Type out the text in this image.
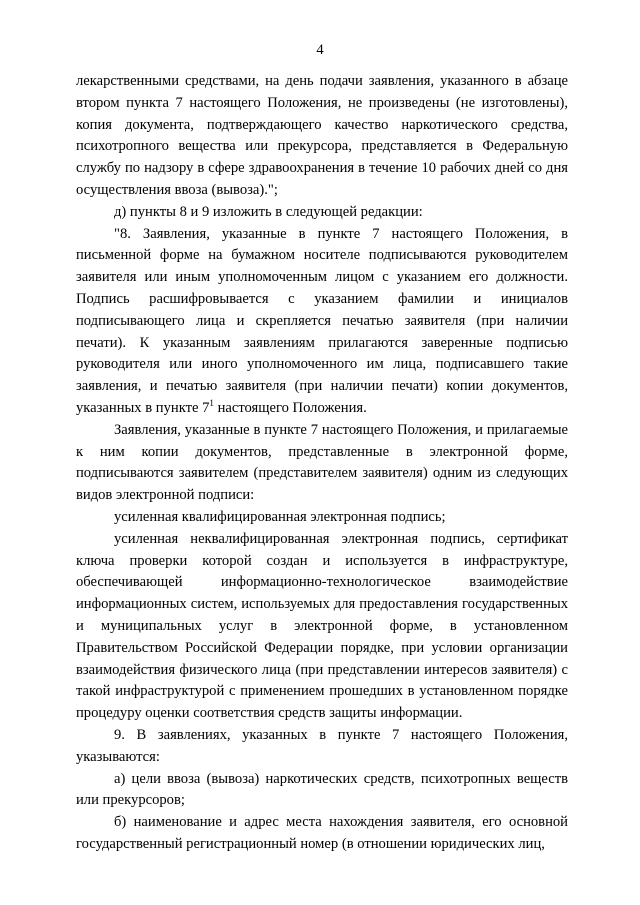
4

лекарственными средствами, на день подачи заявления, указанного в абзаце втором пункта 7 настоящего Положения, не произведены (не изготовлены), копия документа, подтверждающего качество наркотического средства, психотропного вещества или прекурсора, представляется в Федеральную службу по надзору в сфере здравоохранения в течение 10 рабочих дней со дня осуществления ввоза (вывоза).";

д) пункты 8 и 9 изложить в следующей редакции:

"8. Заявления, указанные в пункте 7 настоящего Положения, в письменной форме на бумажном носителе подписываются руководителем заявителя или иным уполномоченным лицом с указанием его должности. Подпись расшифровывается с указанием фамилии и инициалов подписывающего лица и скрепляется печатью заявителя (при наличии печати). К указанным заявлениям прилагаются заверенные подписью руководителя или иного уполномоченного им лица, подписавшего такие заявления, и печатью заявителя (при наличии печати) копии документов, указанных в пункте $7^1$ настоящего Положения.

Заявления, указанные в пункте 7 настоящего Положения, и прилагаемые к ним копии документов, представленные в электронной форме, подписываются заявителем (представителем заявителя) одним из следующих видов электронной подписи:

усиленная квалифицированная электронная подпись;

усиленная неквалифицированная электронная подпись, сертификат ключа проверки которой создан и используется в инфраструктуре, обеспечивающей информационно-технологическое взаимодействие информационных систем, используемых для предоставления государственных и муниципальных услуг в электронной форме, в установленном Правительством Российской Федерации порядке, при условии организации взаимодействия физического лица (при представлении интересов заявителя) с такой инфраструктурой с применением прошедших в установленном порядке процедуру оценки соответствия средств защиты информации.

9. В заявлениях, указанных в пункте 7 настоящего Положения, указываются:

а) цели ввоза (вывоза) наркотических средств, психотропных веществ или прекурсоров;

б) наименование и адрес места нахождения заявителя, его основной государственный регистрационный номер (в отношении юридических лиц,
